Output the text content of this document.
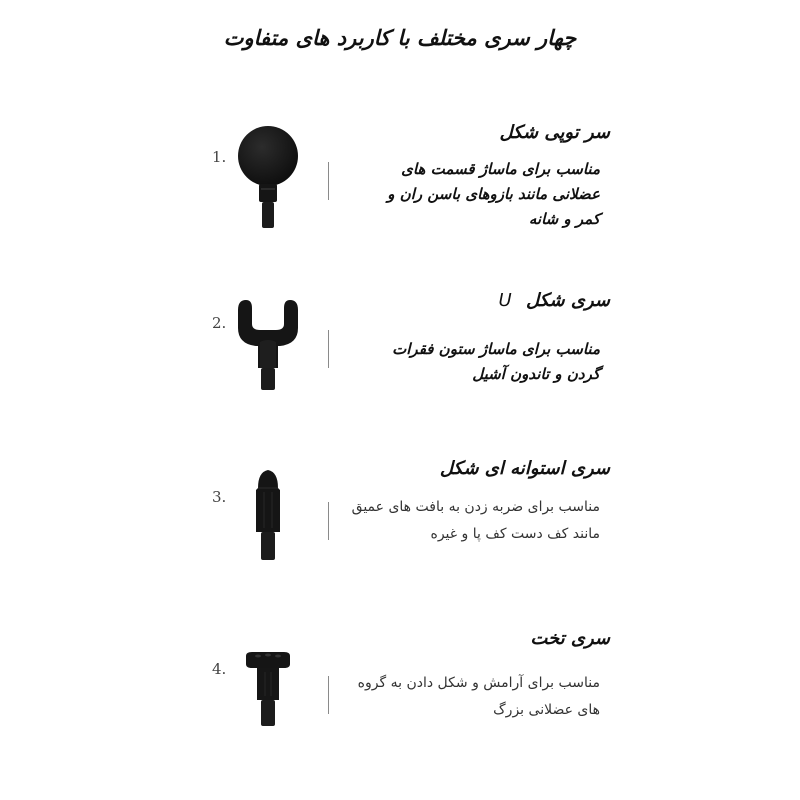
چهار سری مختلف با کاربرد های متفاوت
1.
سر توپی شکل
مناسب برای ماساژ قسمت های
عضلانی مانند بازوهای باسن ران و
کمر و شانه
2.
سری شکل U
مناسب برای ماساژ ستون فقرات
گردن و تاندون آشیل
3.
سری استوانه ای شکل
مناسب برای ضربه زدن به بافت های عمیق
مانند کف دست کف پا و غیره
4.
سری تخت
مناسب برای آرامش و شکل دادن به گروه
های عضلانی بزرگ
